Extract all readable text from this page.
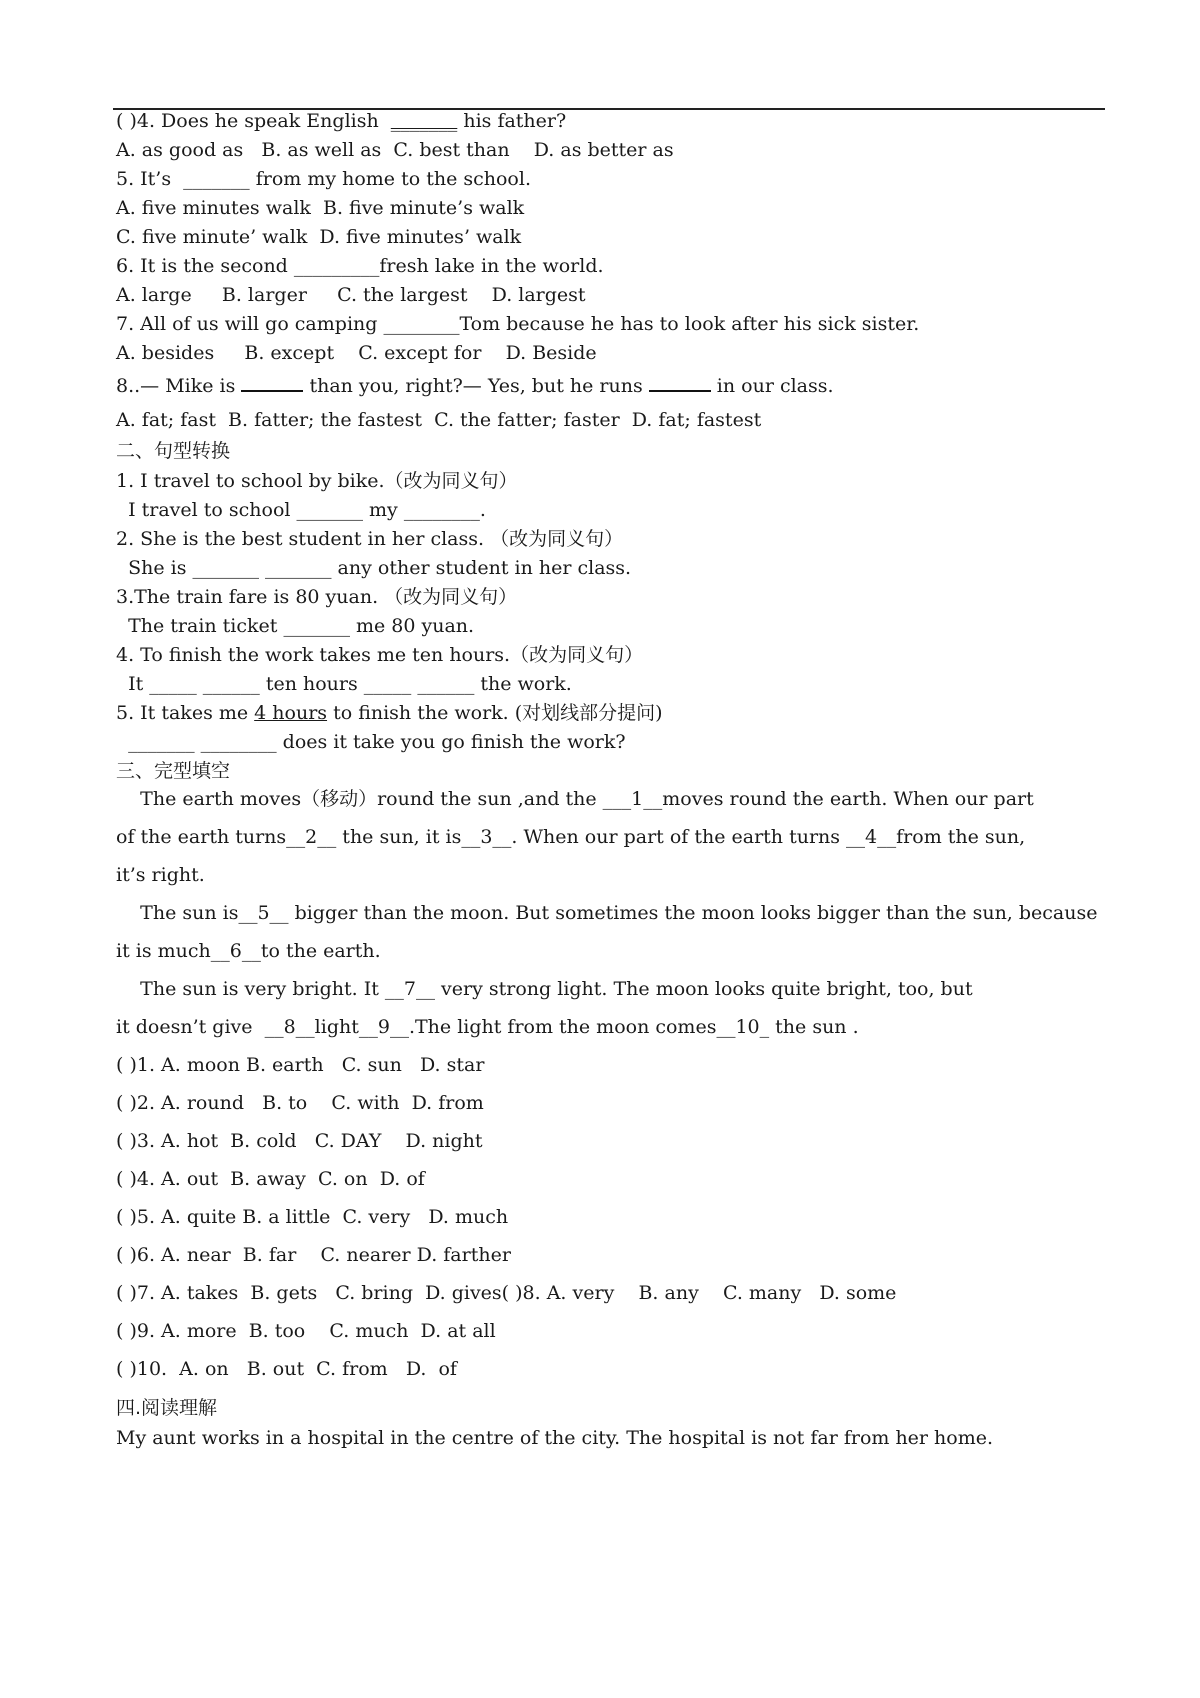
( )4. Does he speak English  _______ his father?
A. as good as   B. as well as  C. best than    D. as better as
5. It’s  _______ from my home to the school.
A. five minutes walk  B. five minute’s walk
C. five minute’ walk  D. five minutes’ walk
6. It is the second _________fresh lake in the world.
A. large     B. larger     C. the largest    D. largest
7. All of us will go camping ________Tom because he has to look after his sick sister.
A. besides     B. except    C. except for    D. Beside
8..— Mike is	than you, right?— Yes, but he runs	in our class.
A. fat; fast  B. fatter; the fastest  C. the fatter; faster  D. fat; fastest
二、句型转换
1. I travel to school by bike.（改为同义句）
I travel to school _______ my ________.
2. She is the best student in her class. （改为同义句）
She is _______ _______ any other student in her class.
3.The train fare is 80 yuan. （改为同义句）
The train ticket _______ me 80 yuan.
4. To finish the work takes me ten hours.（改为同义句）
It _____ ______ ten hours _____ ______ the work.
5. It takes me 4 hours to finish the work. (对划线部分提问)
_______ ________ does it take you go finish the work?
三、完型填空
The earth moves（移动）round the sun ,and the ___1__moves round the earth. When our part
of the earth turns__2__ the sun, it is__3__. When our part of the earth turns __4__from the sun,
it’s right.
The sun is__5__ bigger than the moon. But sometimes the moon looks bigger than the sun, because
it is much__6__to the earth.
The sun is very bright. It __7__ very strong light. The moon looks quite bright, too, but
it doesn’t give  __8__light__9__.The light from the moon comes__10_ the sun .
( )1. A. moon B. earth   C. sun   D. star
( )2. A. round   B. to    C. with  D. from
( )3. A. hot  B. cold   C. DAY    D. night
( )4. A. out  B. away  C. on  D. of
( )5. A. quite B. a little  C. very   D. much
( )6. A. near  B. far    C. nearer D. farther
( )7. A. takes  B. gets   C. bring  D. gives( )8. A. very    B. any    C. many   D. some
( )9. A. more  B. too    C. much  D. at all
( )10.  A. on   B. out  C. from   D.  of
四.阅读理解
My aunt works in a hospital in the centre of the city. The hospital is not far from her home.
